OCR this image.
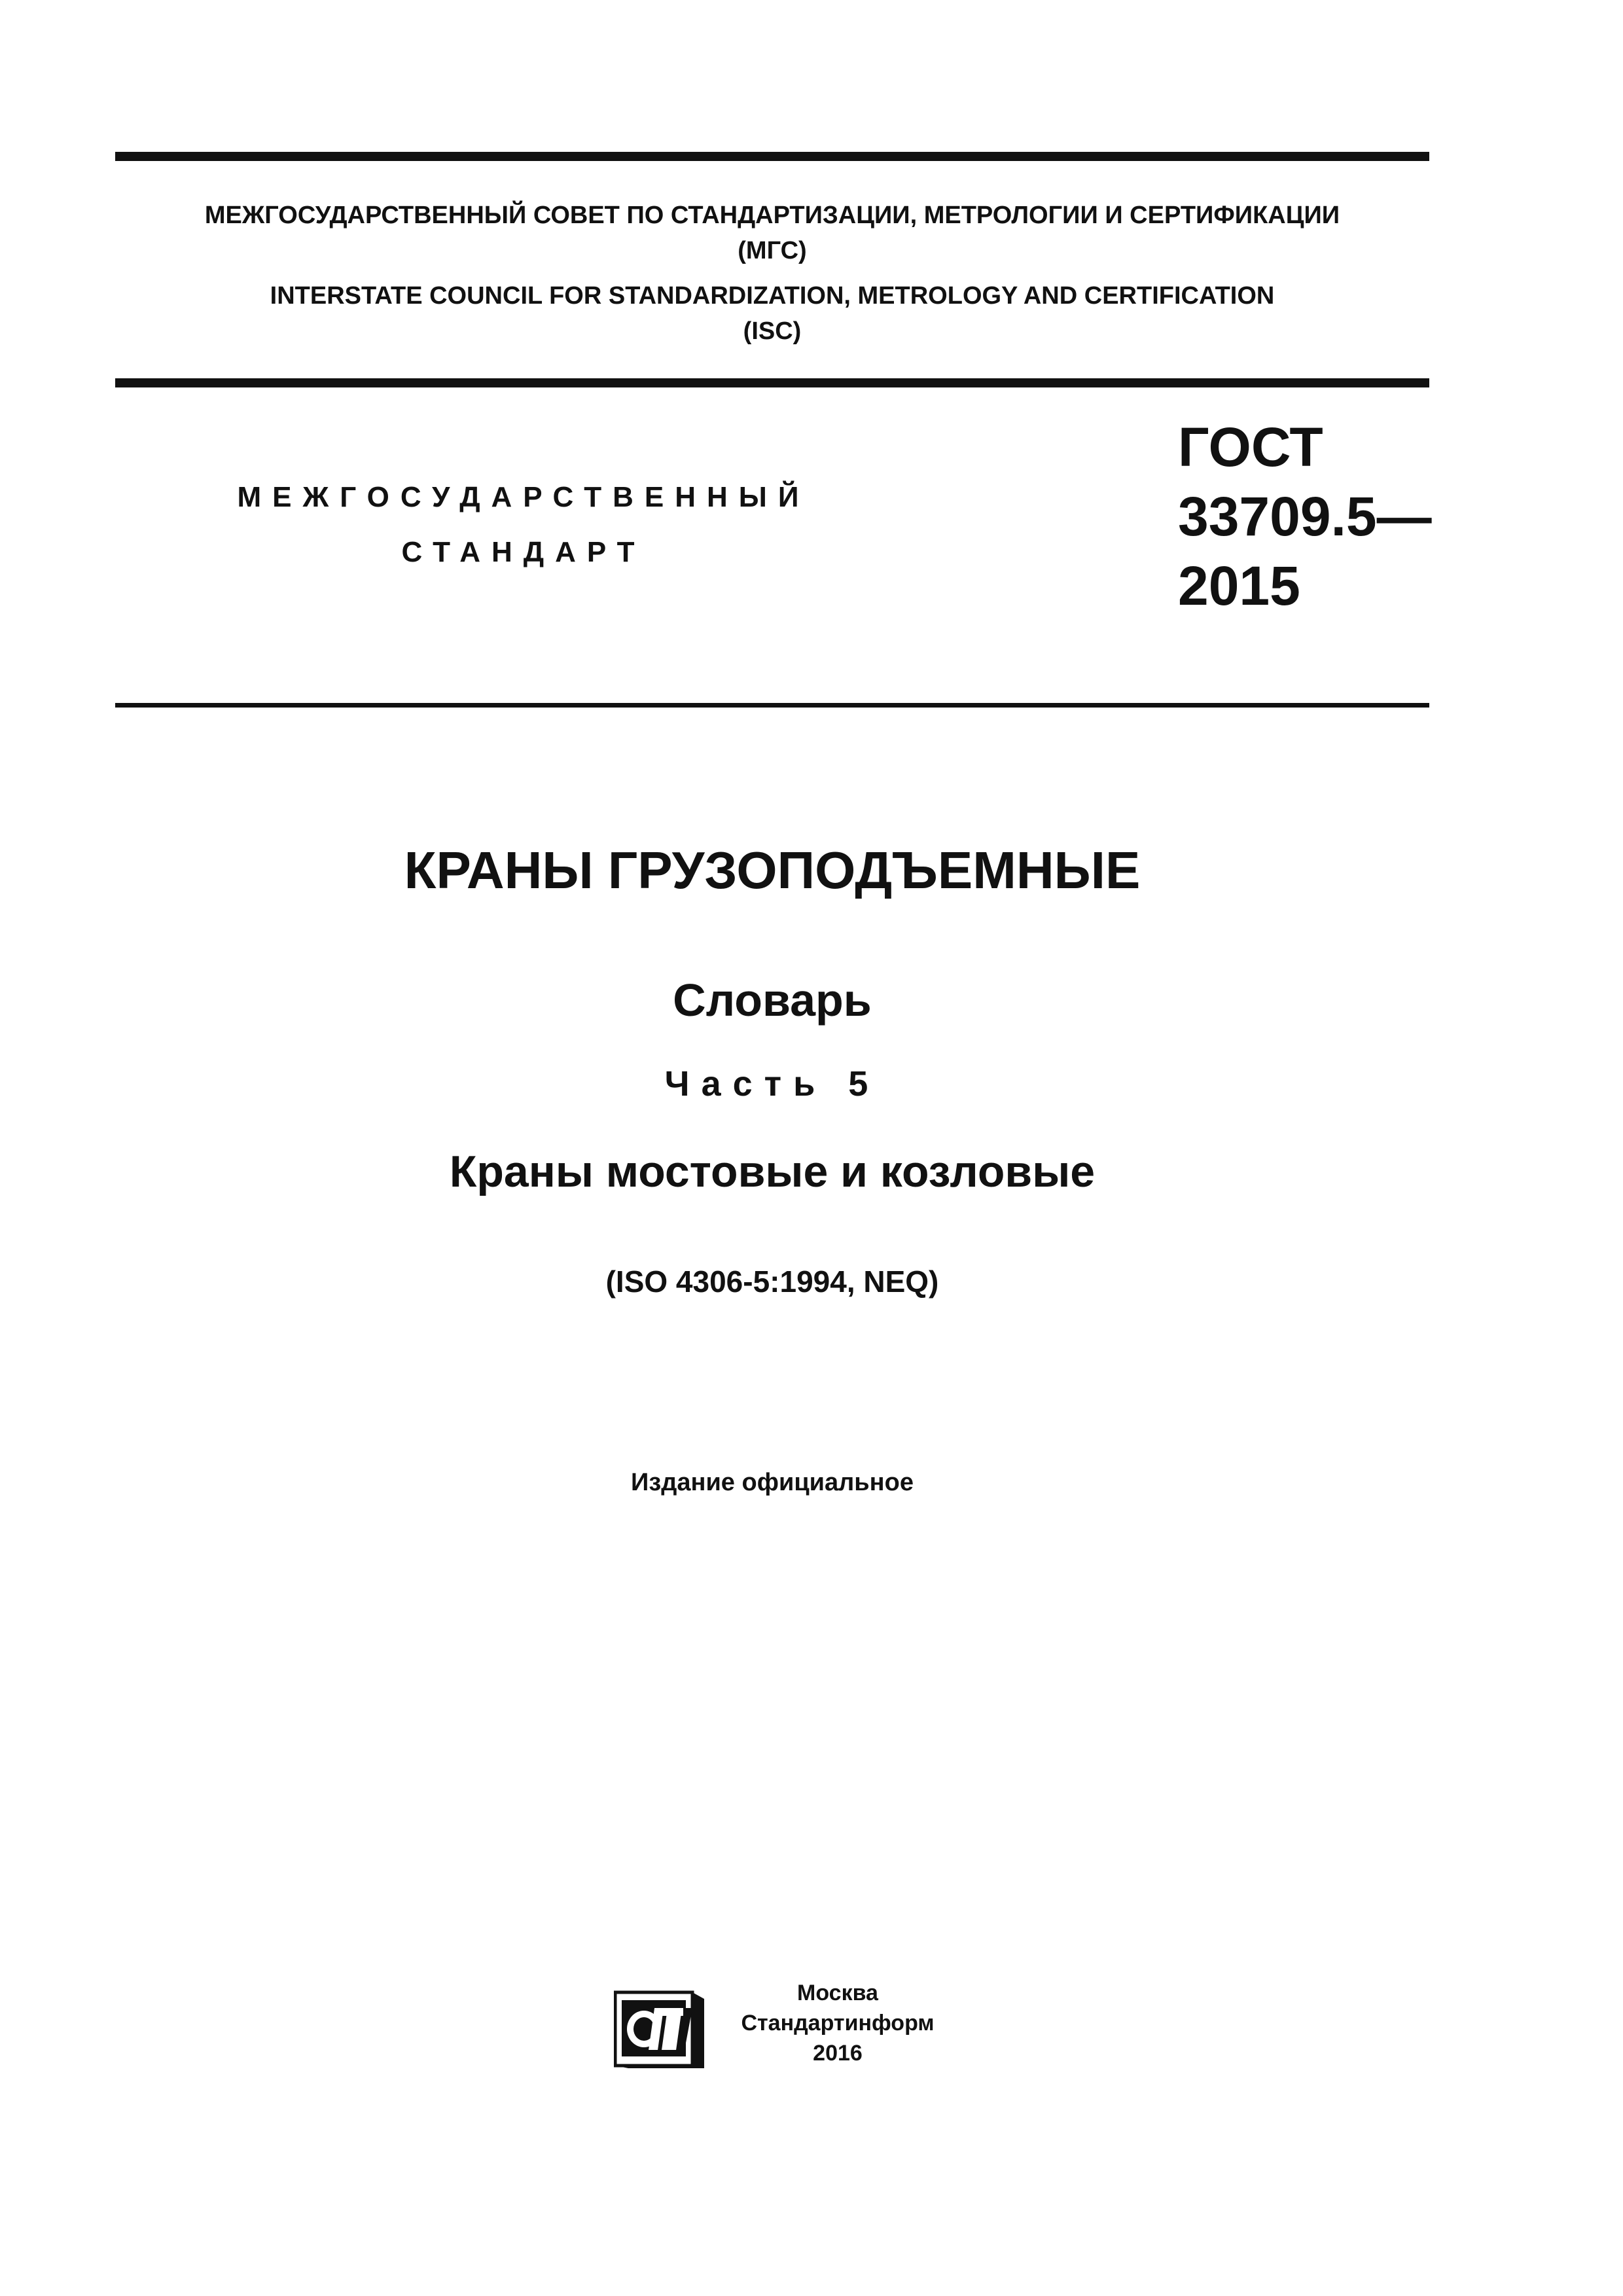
МЕЖГОСУДАРСТВЕННЫЙ СОВЕТ ПО СТАНДАРТИЗАЦИИ, МЕТРОЛОГИИ И СЕРТИФИКАЦИИ
(МГС)
INTERSTATE COUNCIL FOR STANDARDIZATION, METROLOGY AND CERTIFICATION
(ISC)
МЕЖГОСУДАРСТВЕННЫЙ
СТАНДАРТ
ГОСТ
33709.5—
2015
КРАНЫ ГРУЗОПОДЪЕМНЫЕ
Словарь
Часть 5
Краны мостовые и козловые
(ISO 4306-5:1994, NEQ)
Издание официальное
Москва
Стандартинформ
2016
